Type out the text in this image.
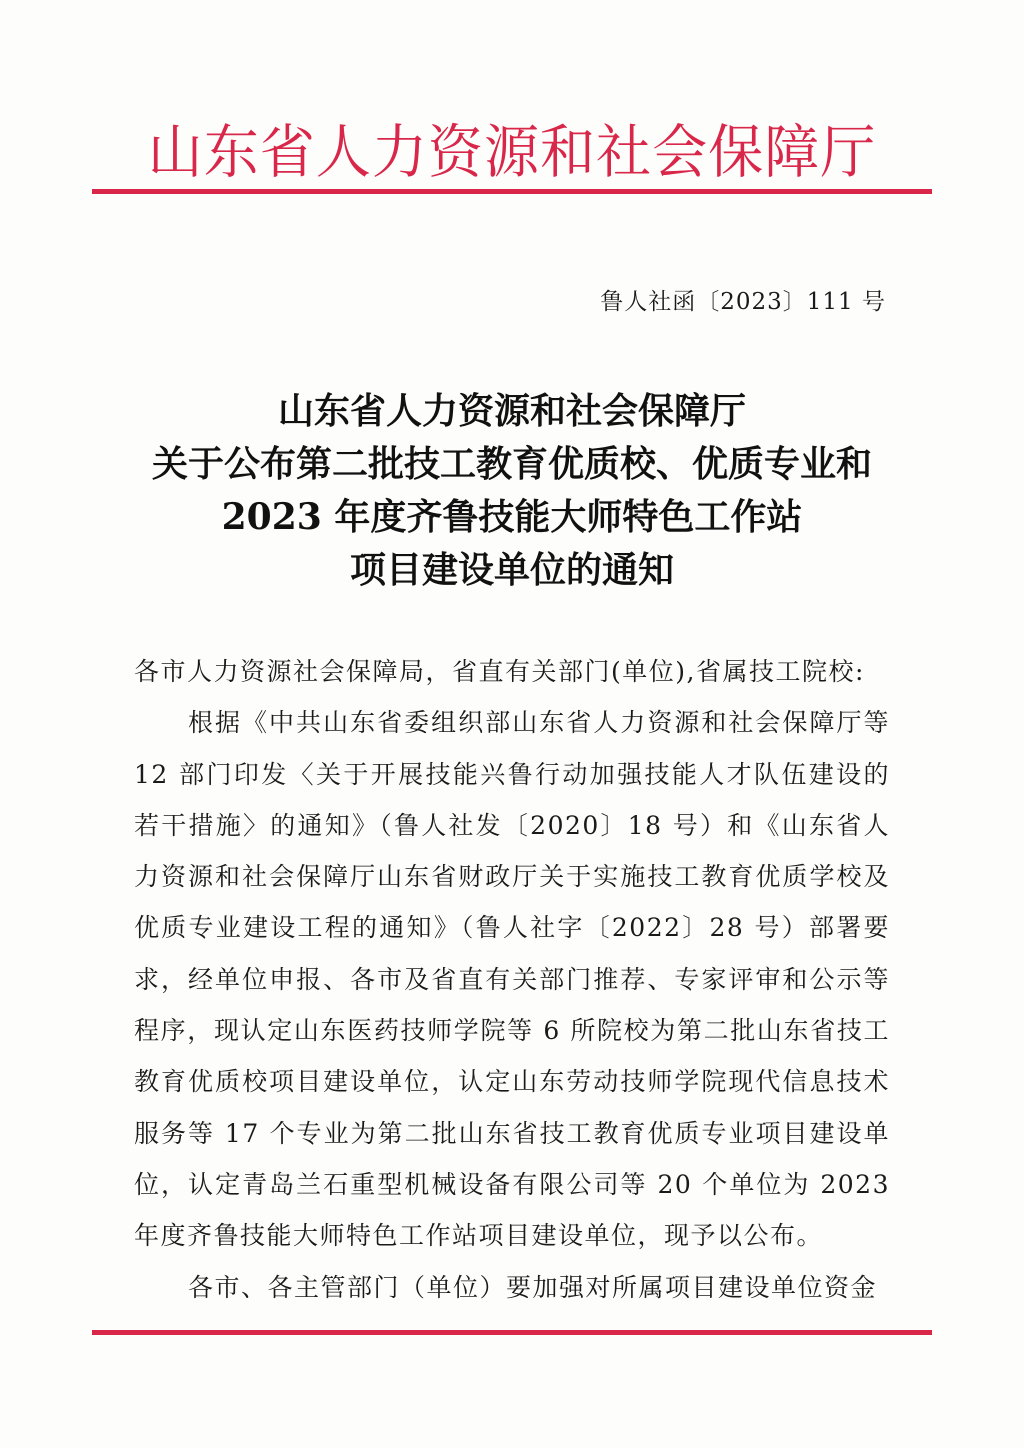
山东省人力资源和社会保障厅
鲁人社函〔2023〕111 号
山东省人力资源和社会保障厅
关于公布第二批技工教育优质校、优质专业和
2023 年度齐鲁技能大师特色工作站
项目建设单位的通知

各市人力资源社会保障局，省直有关部门(单位),省属技工院校:

根据《中共山东省委组织部山东省人力资源和社会保障厅等 12 部门印发〈关于开展技能兴鲁行动加强技能人才队伍建设的若干措施〉的通知》（鲁人社发〔2020〕18 号）和《山东省人力资源和社会保障厅山东省财政厅关于实施技工教育优质学校及优质专业建设工程的通知》（鲁人社字〔2022〕28 号）部署要求，经单位申报、各市及省直有关部门推荐、专家评审和公示等程序，现认定山东医药技师学院等 6 所院校为第二批山东省技工教育优质校项目建设单位，认定山东劳动技师学院现代信息技术服务等 17 个专业为第二批山东省技工教育优质专业项目建设单位，认定青岛兰石重型机械设备有限公司等 20 个单位为 2023 年度齐鲁技能大师特色工作站项目建设单位，现予以公布。

各市、各主管部门（单位）要加强对所属项目建设单位资金
